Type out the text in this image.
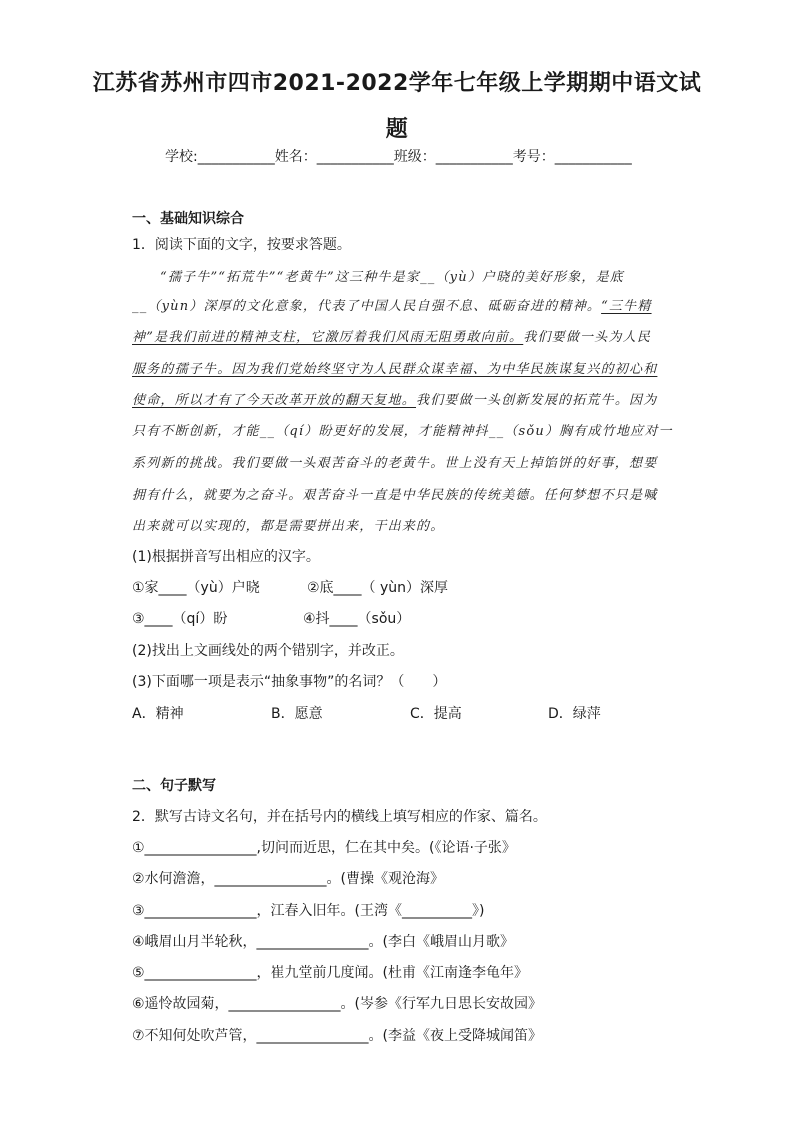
江苏省苏州市四市2021-2022学年七年级上学期期中语文试
题
学校:___________姓名：___________班级：___________考号：___________
一、基础知识综合
1．阅读下面的文字，按要求答题。
“孺子牛”“拓荒牛”“老黄牛”这三种牛是家__（yù）户晓的美好形象，是底
__（yùn）深厚的文化意象，代表了中国人民自强不息、砥砺奋进的精神。“三牛精
神”是我们前进的精神支柱，它激厉着我们风雨无阻勇敢向前。我们要做一头为人民
服务的孺子牛。因为我们党始终坚守为人民群众谋幸福、为中华民族谋复兴的初心和
使命，所以才有了今天改革开放的翻天复地。我们要做一头创新发展的拓荒牛。因为
只有不断创新，才能__（qí）盼更好的发展，才能精神抖__（sǒu）胸有成竹地应对一
系列新的挑战。我们要做一头艰苦奋斗的老黄牛。世上没有天上掉馅饼的好事，想要
拥有什么，就要为之奋斗。艰苦奋斗一直是中华民族的传统美德。任何梦想不只是喊
出来就可以实现的，都是需要拼出来，干出来的。
(1)根据拼音写出相应的汉字。
①家____（yù）户晓	②底____（ yùn）深厚
③____（qí）盼	④抖____（sǒu）
(2)找出上文画线处的两个错别字，并改正。
(3)下面哪一项是表示“抽象事物”的名词？（　　）
A．精神	B．愿意	C．提高	D．绿萍
二、句子默写
2．默写古诗文名句，并在括号内的横线上填写相应的作家、篇名。
①________________,切问而近思，仁在其中矣。(《论语·子张》
②水何澹澹，________________。(曹操《观沧海》
③________________，江春入旧年。(王湾《__________》)
④峨眉山月半轮秋，________________。(李白《峨眉山月歌》
⑤________________，崔九堂前几度闻。(杜甫《江南逢李龟年》
⑥遥怜故园菊，________________。(岑参《行军九日思长安故园》
⑦不知何处吹芦管，________________。(李益《夜上受降城闻笛》
